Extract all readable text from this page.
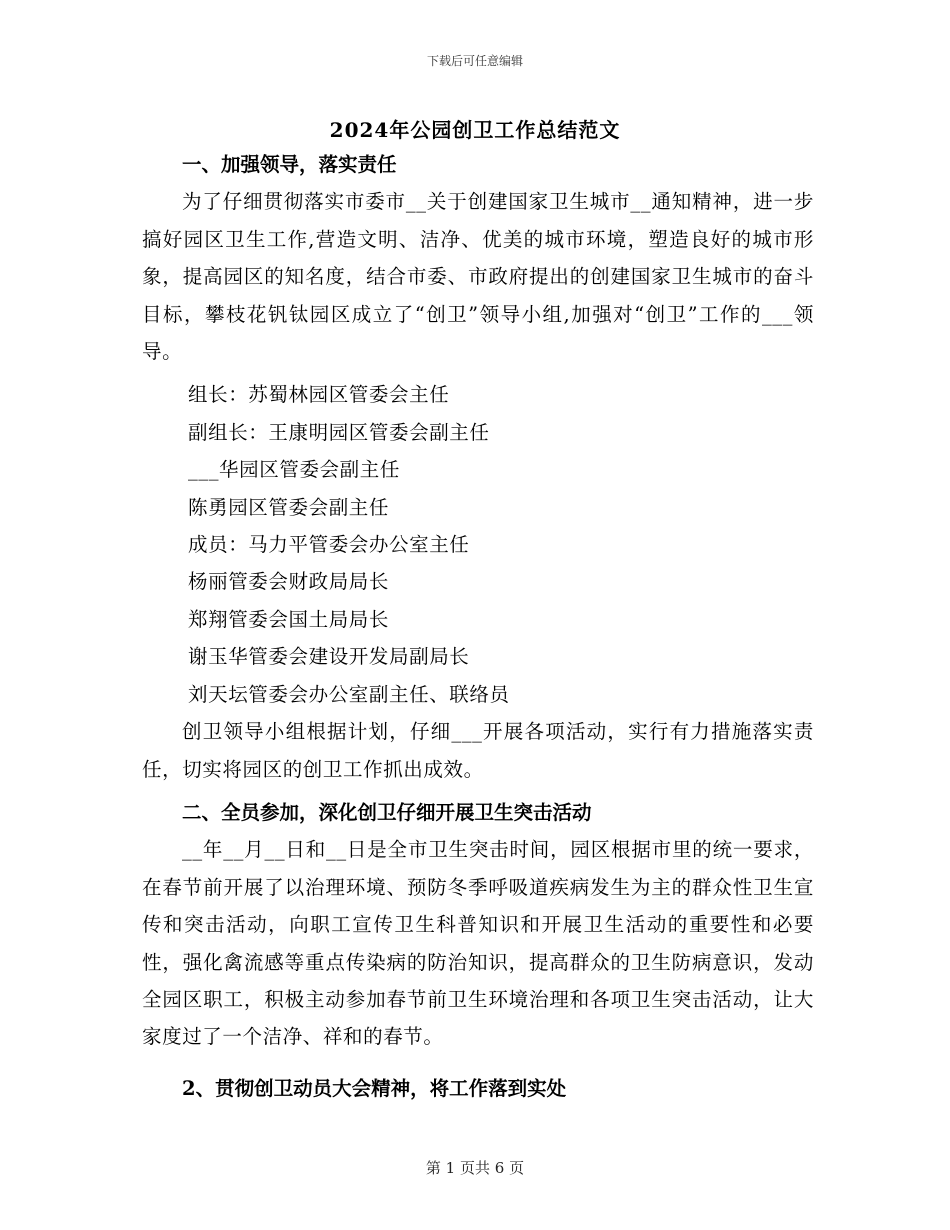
下载后可任意编辑
2024年公园创卫工作总结范文

一、加强领导，落实责任

为了仔细贯彻落实市委市__关于创建国家卫生城市__通知精神，进一步搞好园区卫生工作,营造文明、洁净、优美的城市环境，塑造良好的城市形象，提高园区的知名度，结合市委、市政府提出的创建国家卫生城市的奋斗目标，攀枝花钒钛园区成立了“创卫”领导小组,加强对“创卫”工作的___领导。

组长：苏蜀林园区管委会主任

副组长：王康明园区管委会副主任

___华园区管委会副主任

陈勇园区管委会副主任

成员：马力平管委会办公室主任

杨丽管委会财政局局长

郑翔管委会国土局局长

谢玉华管委会建设开发局副局长

刘天坛管委会办公室副主任、联络员

创卫领导小组根据计划，仔细___开展各项活动，实行有力措施落实责任，切实将园区的创卫工作抓出成效。

二、全员参加，深化创卫仔细开展卫生突击活动

__年__月__日和__日是全市卫生突击时间，园区根据市里的统一要求，在春节前开展了以治理环境、预防冬季呼吸道疾病发生为主的群众性卫生宣传和突击活动，向职工宣传卫生科普知识和开展卫生活动的重要性和必要性，强化禽流感等重点传染病的防治知识，提高群众的卫生防病意识，发动全园区职工，积极主动参加春节前卫生环境治理和各项卫生突击活动，让大家度过了一个洁净、祥和的春节。

2、贯彻创卫动员大会精神，将工作落到实处

第 1 页共 6 页
